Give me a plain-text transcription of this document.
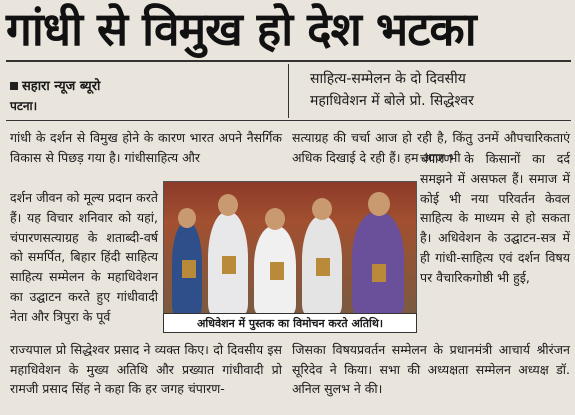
गांधी से विमुख हो देश भटका
सहारा न्यूज ब्यूरो
पटना।
साहित्य-सम्मेलन के दो दिवसीय
महाधिवेशन में बोले प्रो. सिद्धेश्वर

गांधी के दर्शन से विमुख होने के कारण भारत अपने नैसर्गिक विकास से पिछड़ गया है। गांधीसाहित्य और

दर्शन जीवन को मूल्य प्रदान करते हैं। यह विचार शनिवार को यहां, चंपारणसत्याग्रह के शताब्दी-वर्ष को समर्पित, बिहार हिंदी साहित्य साहित्य सम्मेलन के महाधिवेशन का उद्घाटन करते हुए गांधीवादी नेता और त्रिपुरा के पूर्व

सत्याग्रह की चर्चा आज हो रही है, किंतु उनमें औपचारिकताएं अधिक दिखाई दे रही हैं। हम आज भी

चंपारण के किसानों का दर्द समझने में असफल हैं। समाज में कोई भी नया परिवर्तन केवल साहित्य के माध्यम से हो सकता है। अधिवेशन के उद्घाटन-सत्र में ही गांधी-साहित्य एवं दर्शन विषय पर वैचारिकगोष्ठी भी हुई,

अधिवेशन में पुस्तक का विमोचन करते अतिथि।

राज्यपाल प्रो सिद्धेश्वर प्रसाद ने व्यक्त किए। दो दिवसीय इस महाधिवेशन के मुख्य अतिथि और प्रख्यात गांधीवादी प्रो रामजी प्रसाद सिंह ने कहा कि हर जगह चंपारण-

जिसका विषयप्रवर्तन सम्मेलन के प्रधानमंत्री आचार्य श्रीरंजन सूरिदेव ने किया। सभा की अध्यक्षता सम्मेलन अध्यक्ष डॉ. अनिल सुलभ ने की।
